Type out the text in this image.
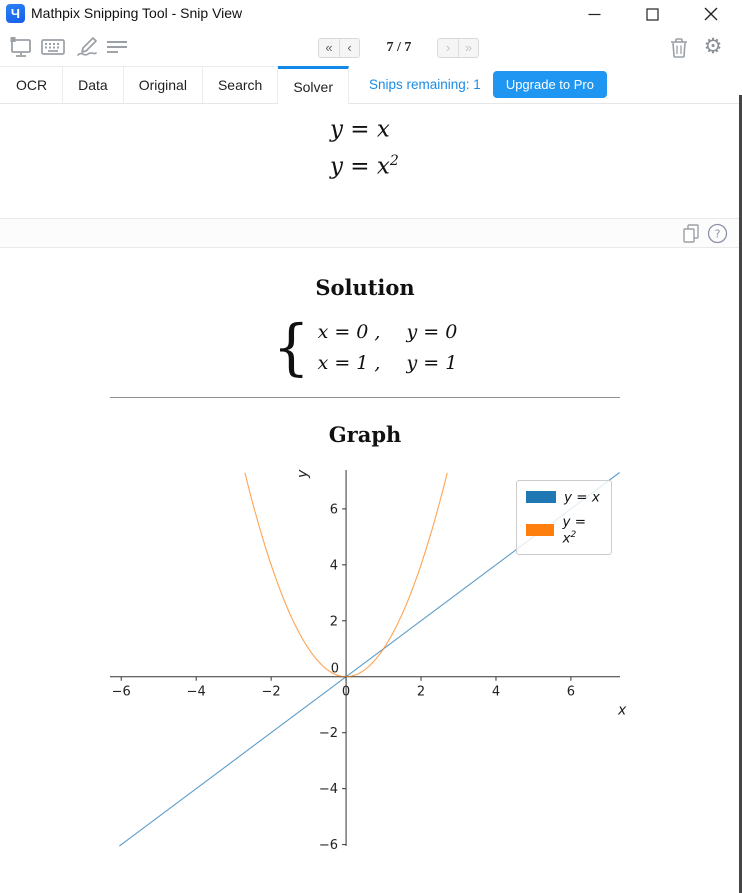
Ч Mathpix Snipping Tool - Snip View
«	‹	7 / 7	›	»	⚙
OCR Data Original Search Solver	Snips remaining: 1	Upgrade to Pro
y = x
$y = x^2$
?
Solution
{ x = 0 , y = 0
x = 1 , y = 1
Graph
−6	−4	−2	0	2	4	6
−6
−4
−2
0
2
4
6
x
y
y = x
$y = x^2$
